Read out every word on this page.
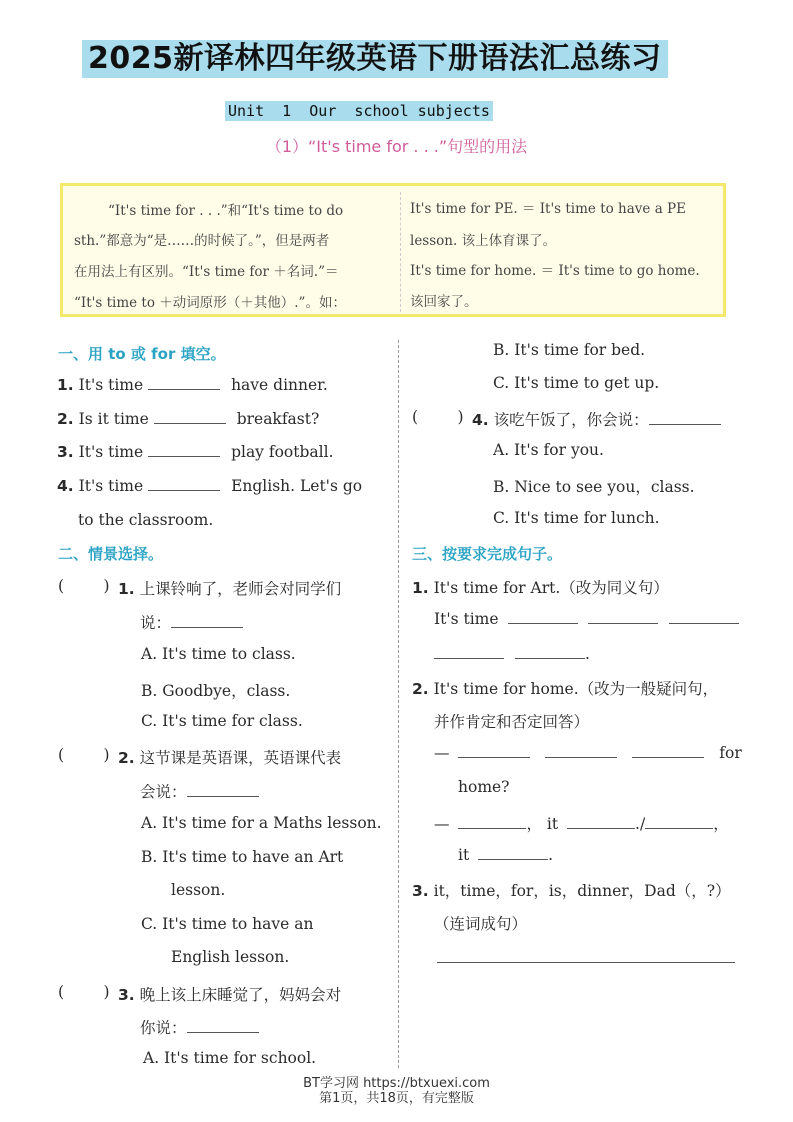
2025新译林四年级英语下册语法汇总练习
Unit  1  Our  school subjects
（1）“It's time for . . .”句型的用法
“It's time for . . .”和“It's time to do
sth.”都意为“是……的时候了。”，但是两者
在用法上有区别。“It's time for ＋名词.”＝
“It's time to ＋动词原形（＋其他）.”。如：
It's time for PE. ＝ It's time to have a PE
lesson. 该上体育课了。
It's time for home. ＝ It's time to go home.
该回家了。
一、用 to 或 for 填空。
1. It's time	have dinner.
2. Is it time	breakfast?
3. It's time	play football.
4. It's time	English. Let's go
to the classroom.
二、情景选择。
(        ) 1. 上课铃响了，老师会对同学们
说：
A. It's time to class.
B. Goodbye，class.
C. It's time for class.
(        ) 2. 这节课是英语课，英语课代表
会说：
A. It's time for a Maths lesson.
B. It's time to have an Art
lesson.
C. It's time to have an
English lesson.
(        ) 3. 晚上该上床睡觉了，妈妈会对
你说：
A. It's time for school.
B. It's time for bed.
C. It's time to get up.
(        ) 4. 该吃午饭了，你会说：
A. It's for you.
B. Nice to see you，class.
C. It's time for lunch.
三、按要求完成句子。
1. It's time for Art.（改为同义句）
It's time
.
2. It's time for home.（改为一般疑问句，
并作肯定和否定回答）
—	for
home?
—	， it	./	，
it	.
3. it，time，for，is，dinner，Dad（，?）
（连词成句）
BT学习网 https://btxuexi.com
第1页，共18页，有完整版
